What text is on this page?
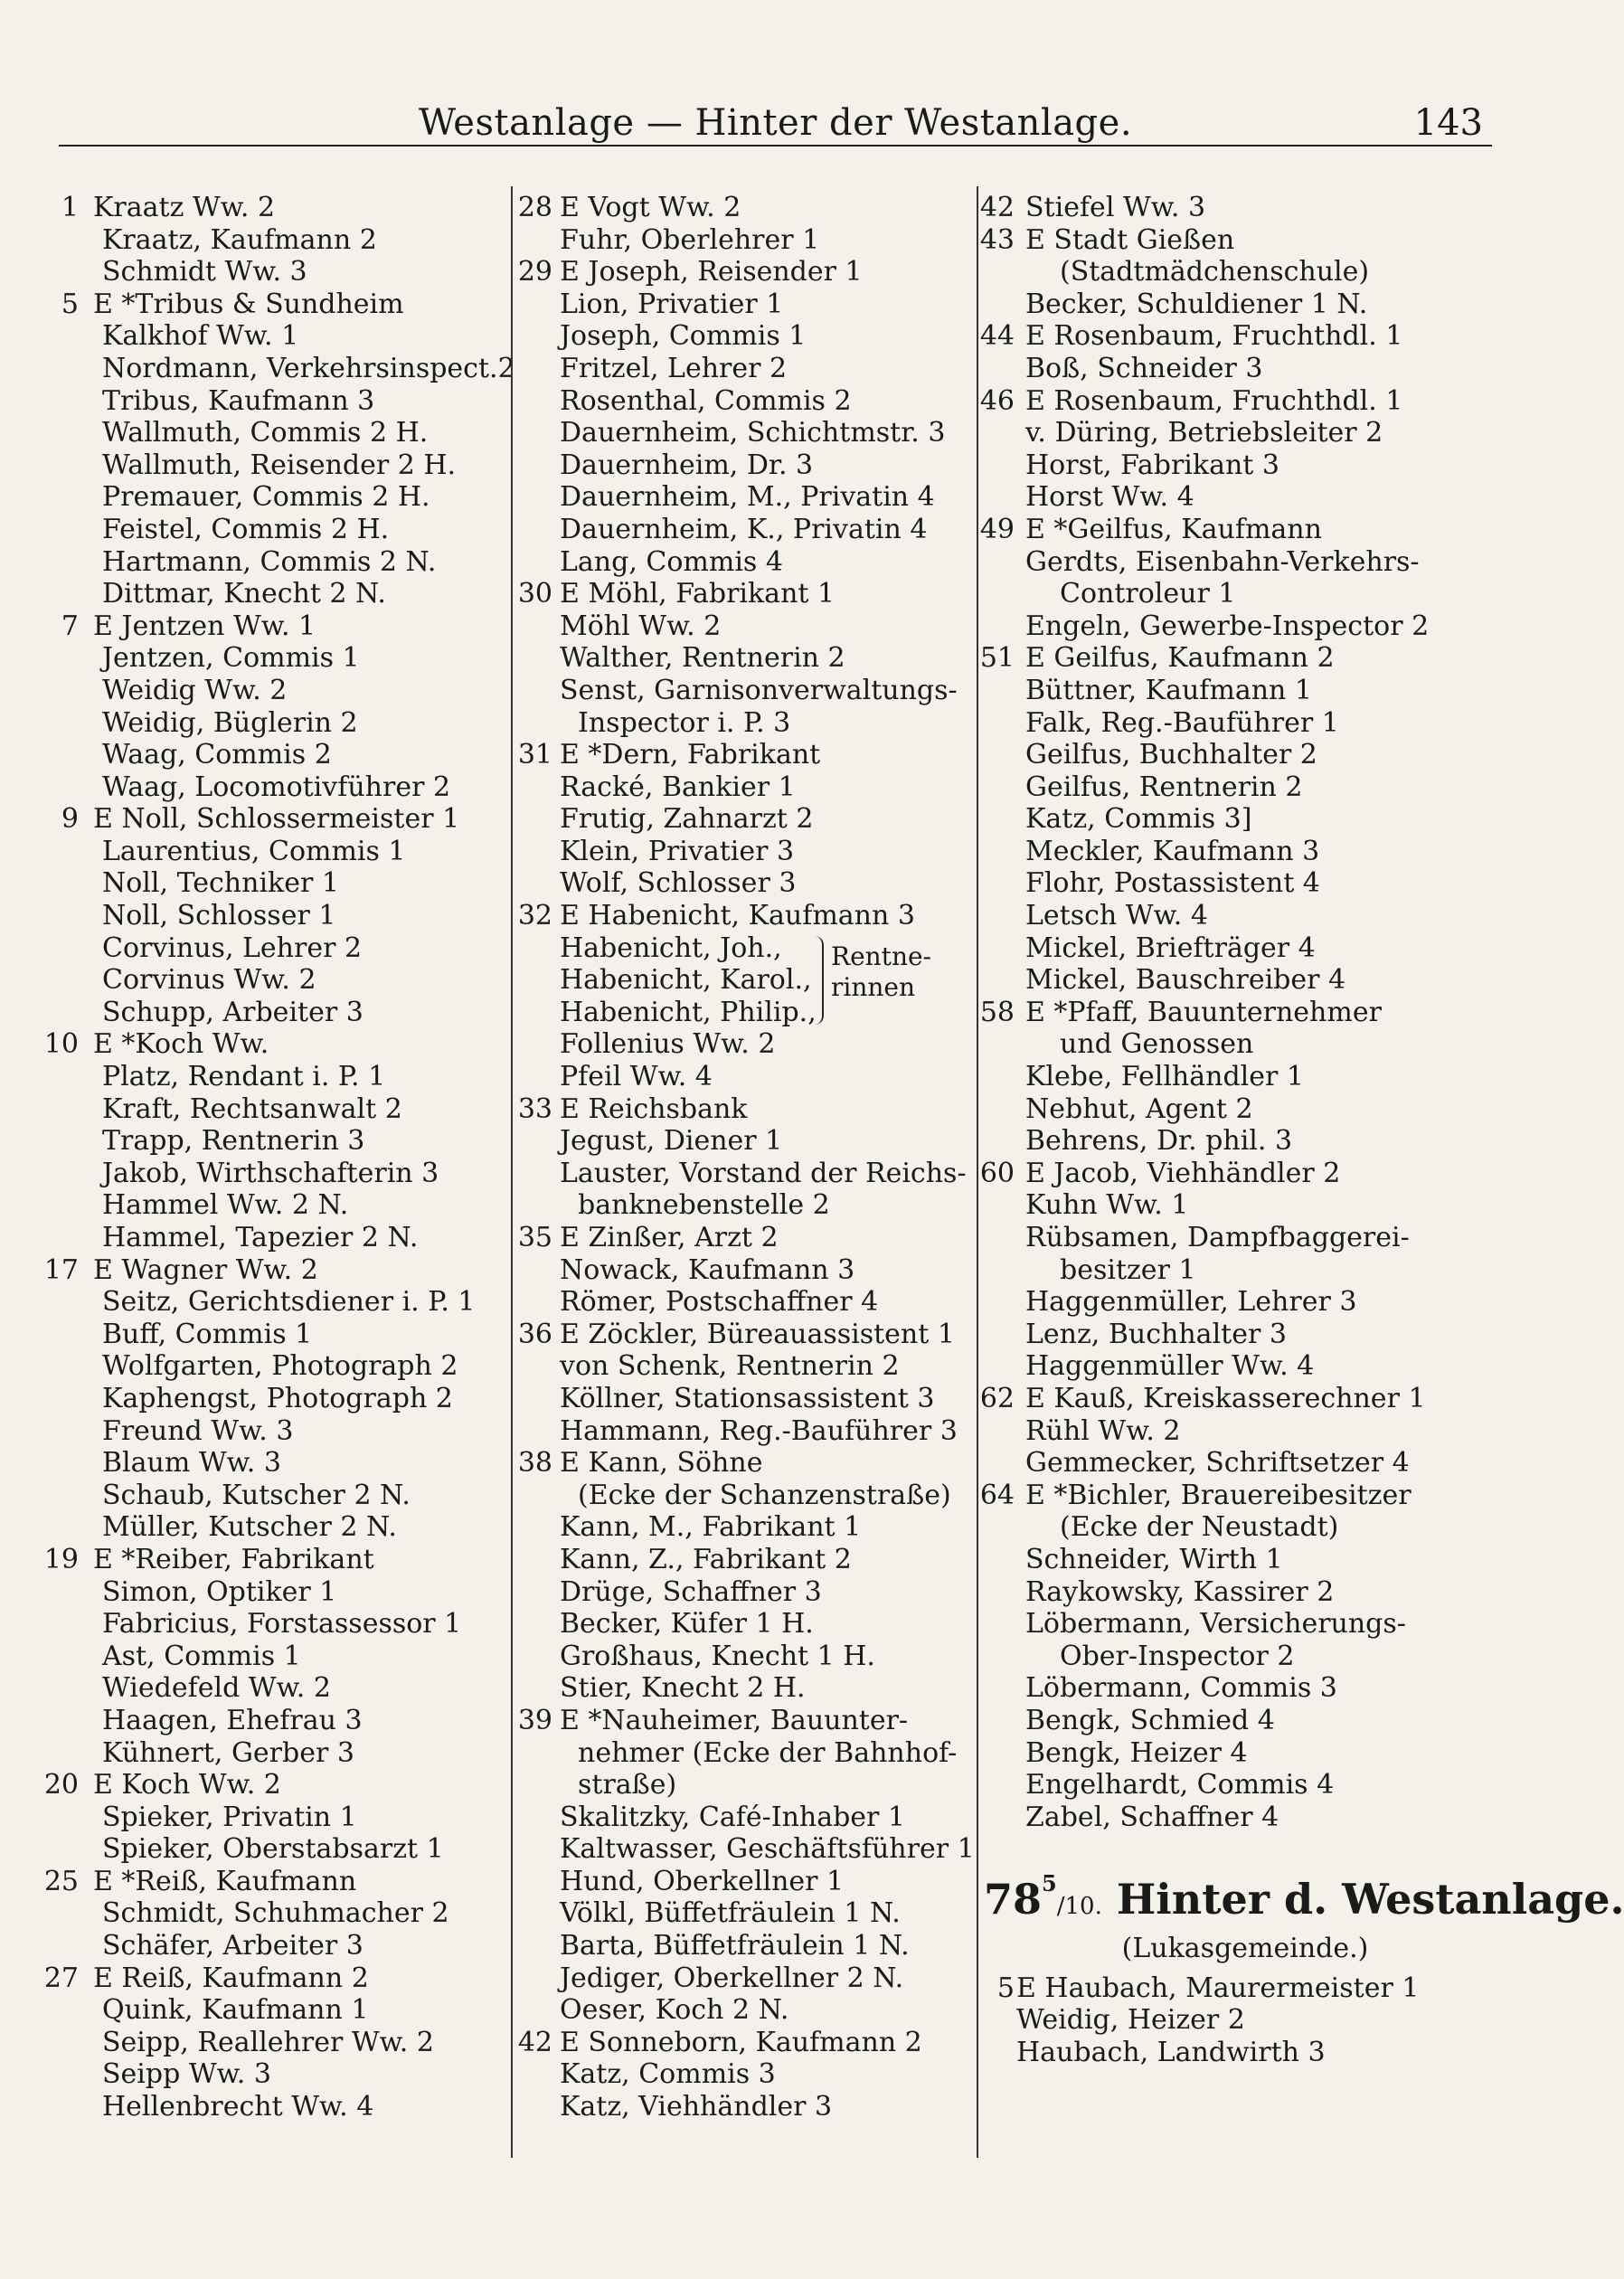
Westanlage — Hinter der Westanlage.	143
1 Kraatz Ww. 2
Kraatz, Kaufmann 2
Schmidt Ww. 3
5 E *Tribus & Sundheim
Kalkhof Ww. 1
Nordmann, Verkehrsinspect.2
Tribus, Kaufmann 3
Wallmuth, Commis 2 H.
Wallmuth, Reisender 2 H.
Premauer, Commis 2 H.
Feistel, Commis 2 H.
Hartmann, Commis 2 N.
Dittmar, Knecht 2 N.
7 E Jentzen Ww. 1
Jentzen, Commis 1
Weidig Ww. 2
Weidig, Büglerin 2
Waag, Commis 2
Waag, Locomotivführer 2
9 E Noll, Schlossermeister 1
Laurentius, Commis 1
Noll, Techniker 1
Noll, Schlosser 1
Corvinus, Lehrer 2
Corvinus Ww. 2
Schupp, Arbeiter 3
10 E *Koch Ww.
Platz, Rendant i. P. 1
Kraft, Rechtsanwalt 2
Trapp, Rentnerin 3
Jakob, Wirthschafterin 3
Hammel Ww. 2 N.
Hammel, Tapezier 2 N.
17 E Wagner Ww. 2
Seitz, Gerichtsdiener i. P. 1
Buff, Commis 1
Wolfgarten, Photograph 2
Kaphengst, Photograph 2
Freund Ww. 3
Blaum Ww. 3
Schaub, Kutscher 2 N.
Müller, Kutscher 2 N.
19 E *Reiber, Fabrikant
Simon, Optiker 1
Fabricius, Forstassessor 1
Ast, Commis 1
Wiedefeld Ww. 2
Haagen, Ehefrau 3
Kühnert, Gerber 3
20 E Koch Ww. 2
Spieker, Privatin 1
Spieker, Oberstabsarzt 1
25 E *Reiß, Kaufmann
Schmidt, Schuhmacher 2
Schäfer, Arbeiter 3
27 E Reiß, Kaufmann 2
Quink, Kaufmann 1
Seipp, Reallehrer Ww. 2
Seipp Ww. 3
Hellenbrecht Ww. 4
28 E Vogt Ww. 2
Fuhr, Oberlehrer 1
29 E Joseph, Reisender 1
Lion, Privatier 1
Joseph, Commis 1
Fritzel, Lehrer 2
Rosenthal, Commis 2
Dauernheim, Schichtmstr. 3
Dauernheim, Dr. 3
Dauernheim, M., Privatin 4
Dauernheim, K., Privatin 4
Lang, Commis 4
30 E Möhl, Fabrikant 1
Möhl Ww. 2
Walther, Rentnerin 2
Senst, Garnisonverwaltungs-
Inspector i. P. 3
31 E *Dern, Fabrikant
Racké, Bankier 1
Frutig, Zahnarzt 2
Klein, Privatier 3
Wolf, Schlosser 3
32 E Habenicht, Kaufmann 3
Habenicht, Joh.,
Habenicht, Karol.,
Habenicht, Philip.,
Rentne-
rinnen
Follenius Ww. 2
Pfeil Ww. 4
33 E Reichsbank
Jegust, Diener 1
Lauster, Vorstand der Reichs-
banknebenstelle 2
35 E Zinßer, Arzt 2
Nowack, Kaufmann 3
Römer, Postschaffner 4
36 E Zöckler, Büreauassistent 1
von Schenk, Rentnerin 2
Köllner, Stationsassistent 3
Hammann, Reg.-Bauführer 3
38 E Kann, Söhne
(Ecke der Schanzenstraße)
Kann, M., Fabrikant 1
Kann, Z., Fabrikant 2
Drüge, Schaffner 3
Becker, Küfer 1 H.
Großhaus, Knecht 1 H.
Stier, Knecht 2 H.
39 E *Nauheimer, Bauunter-
nehmer (Ecke der Bahnhof-
straße)
Skalitzky, Café-Inhaber 1
Kaltwasser, Geschäftsführer 1
Hund, Oberkellner 1
Völkl, Büffetfräulein 1 N.
Barta, Büffetfräulein 1 N.
Jediger, Oberkellner 2 N.
Oeser, Koch 2 N.
42 E Sonneborn, Kaufmann 2
Katz, Commis 3
Katz, Viehhändler 3
42 Stiefel Ww. 3
43 E Stadt Gießen
(Stadtmädchenschule)
Becker, Schuldiener 1 N.
44 E Rosenbaum, Fruchthdl. 1
Boß, Schneider 3
46 E Rosenbaum, Fruchthdl. 1
v. Düring, Betriebsleiter 2
Horst, Fabrikant 3
Horst Ww. 4
49 E *Geilfus, Kaufmann
Gerdts, Eisenbahn-Verkehrs-
Controleur 1
Engeln, Gewerbe-Inspector 2
51 E Geilfus, Kaufmann 2
Büttner, Kaufmann 1
Falk, Reg.-Bauführer 1
Geilfus, Buchhalter 2
Geilfus, Rentnerin 2
Katz, Commis 3]
Meckler, Kaufmann 3
Flohr, Postassistent 4
Letsch Ww. 4
Mickel, Briefträger 4
Mickel, Bauschreiber 4
58 E *Pfaff, Bauunternehmer
und Genossen
Klebe, Fellhändler 1
Nebhut, Agent 2
Behrens, Dr. phil. 3
60 E Jacob, Viehhändler 2
Kuhn Ww. 1
Rübsamen, Dampfbaggerei-
besitzer 1
Haggenmüller, Lehrer 3
Lenz, Buchhalter 3
Haggenmüller Ww. 4
62 E Kauß, Kreiskasserechner 1
Rühl Ww. 2
Gemmecker, Schriftsetzer 4
64 E *Bichler, Brauereibesitzer
(Ecke der Neustadt)
Schneider, Wirth 1
Raykowsky, Kassirer 2
Löbermann, Versicherungs-
Ober-Inspector 2
Löbermann, Commis 3
Bengk, Schmied 4
Bengk, Heizer 4
Engelhardt, Commis 4
Zabel, Schaffner 4
$78^5/10$. Hinter d. Westanlage.
(Lukasgemeinde.)
5 E Haubach, Maurermeister 1
Weidig, Heizer 2
Haubach, Landwirth 3
